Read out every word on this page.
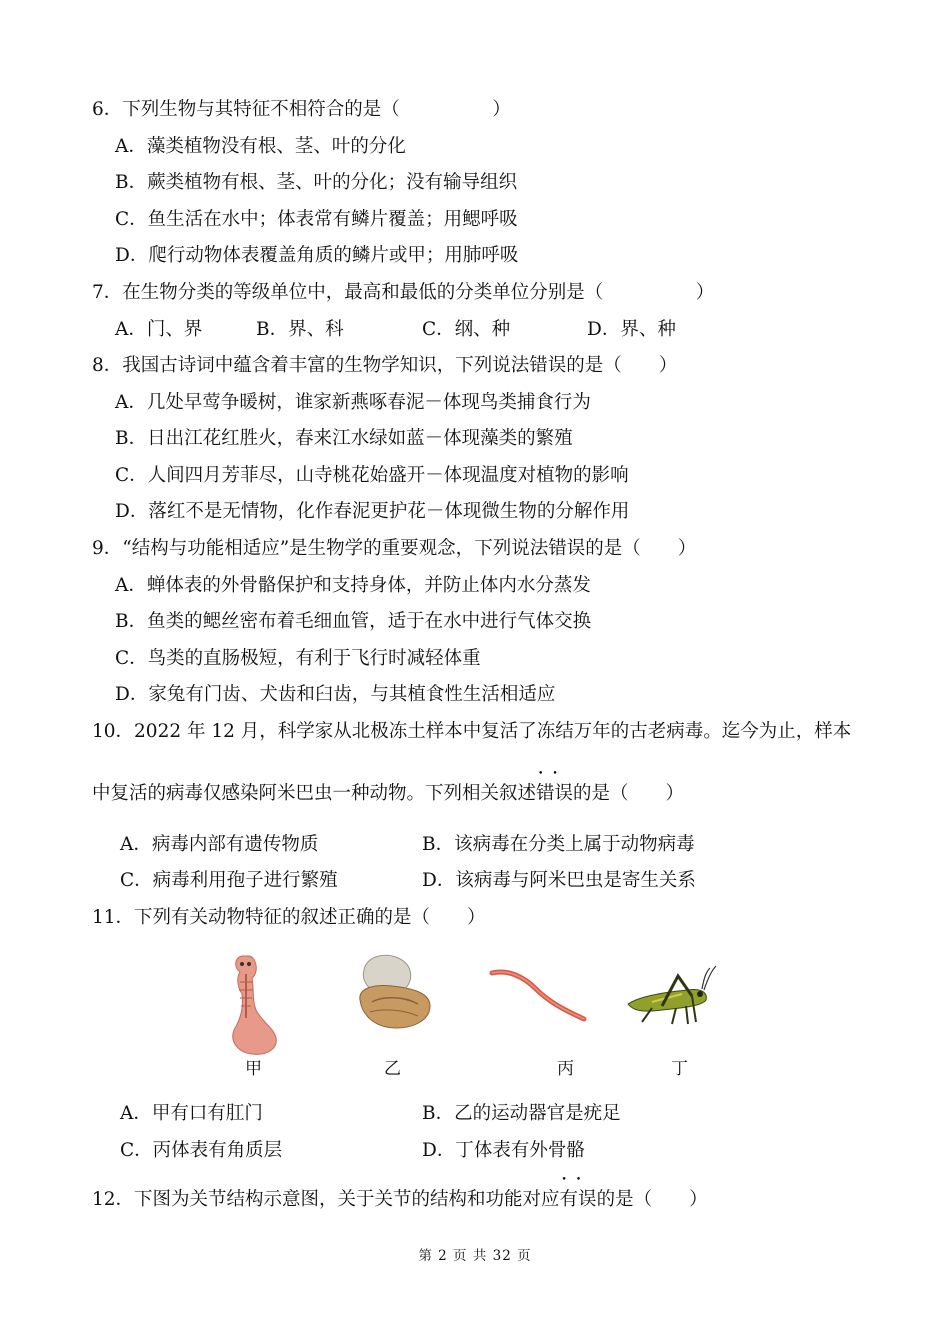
6．下列生物与其特征不相符合的是（　　　　　）
A．藻类植物没有根、茎、叶的分化
B．蕨类植物有根、茎、叶的分化；没有输导组织
C．鱼生活在水中；体表常有鳞片覆盖；用鳃呼吸
D．爬行动物体表覆盖角质的鳞片或甲；用肺呼吸
7．在生物分类的等级单位中，最高和最低的分类单位分别是（　　　　　）
A．门、界	B．界、科	C．纲、种	D．界、种
8．我国古诗词中蕴含着丰富的生物学知识，下列说法错误的是（　　）
A．几处早莺争暖树，谁家新燕啄春泥－体现鸟类捕食行为
B．日出江花红胜火，春来江水绿如蓝－体现藻类的繁殖
C．人间四月芳菲尽，山寺桃花始盛开－体现温度对植物的影响
D．落红不是无情物，化作春泥更护花－体现微生物的分解作用
9．“结构与功能相适应”是生物学的重要观念，下列说法错误的是（　　）
A．蝉体表的外骨骼保护和支持身体，并防止体内水分蒸发
B．鱼类的鳃丝密布着毛细血管，适于在水中进行气体交换
C．鸟类的直肠极短，有利于飞行时减轻体重
D．家兔有门齿、犬齿和臼齿，与其植食性生活相适应
10．2022 年 12 月，科学家从北极冻土样本中复活了冻结万年的古老病毒。迄今为止，样本
中复活的病毒仅感染阿米巴虫一种动物。下列相关叙述• • 错误的是（　　）
A．病毒内部有遗传物质	B．该病毒在分类上属于动物病毒
C．病毒利用孢子进行繁殖	D．该病毒与阿米巴虫是寄生关系
11．下列有关动物特征的叙述正确的是（　　）
甲	乙	丙	丁
A．甲有口有肛门	B．乙的运动器官是疣足
C．丙体表有角质层	D．丁体表有外骨骼
12．下图为关节结构示意图，关于关节的结构和功能对应• • 有误的是（　　）
第 2 页 共 32 页
